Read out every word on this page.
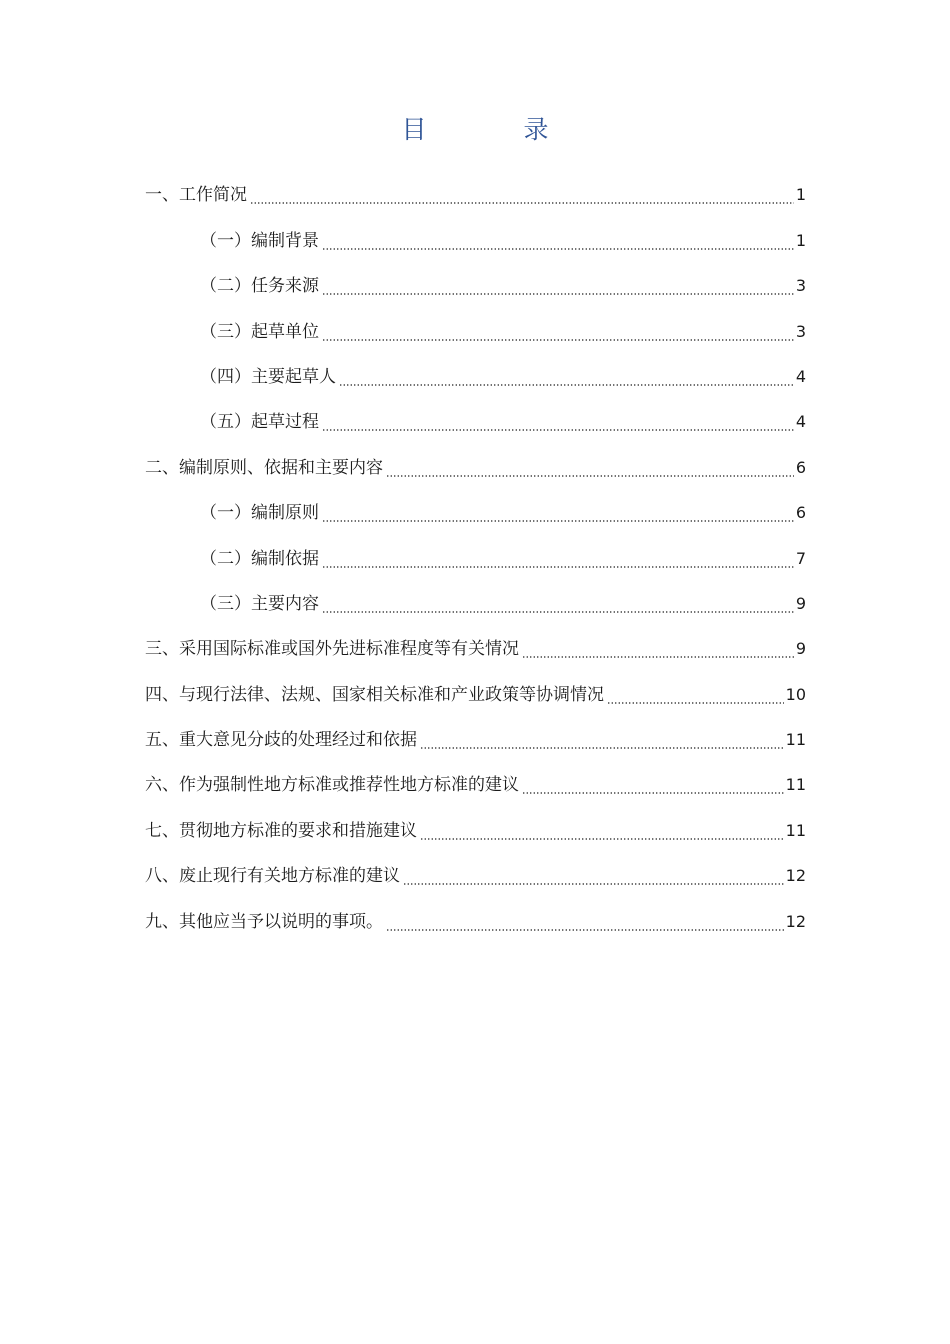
目　录
一、工作简况	1
（一）编制背景	1
（二）任务来源	3
（三）起草单位	3
（四）主要起草人	4
（五）起草过程	4
二、编制原则、依据和主要内容	6
（一）编制原则	6
（二）编制依据	7
（三）主要内容	9
三、采用国际标准或国外先进标准程度等有关情况	9
四、与现行法律、法规、国家相关标准和产业政策等协调情况	10
五、重大意见分歧的处理经过和依据	11
六、作为强制性地方标准或推荐性地方标准的建议	11
七、贯彻地方标准的要求和措施建议	11
八、废止现行有关地方标准的建议	12
九、其他应当予以说明的事项。	12
